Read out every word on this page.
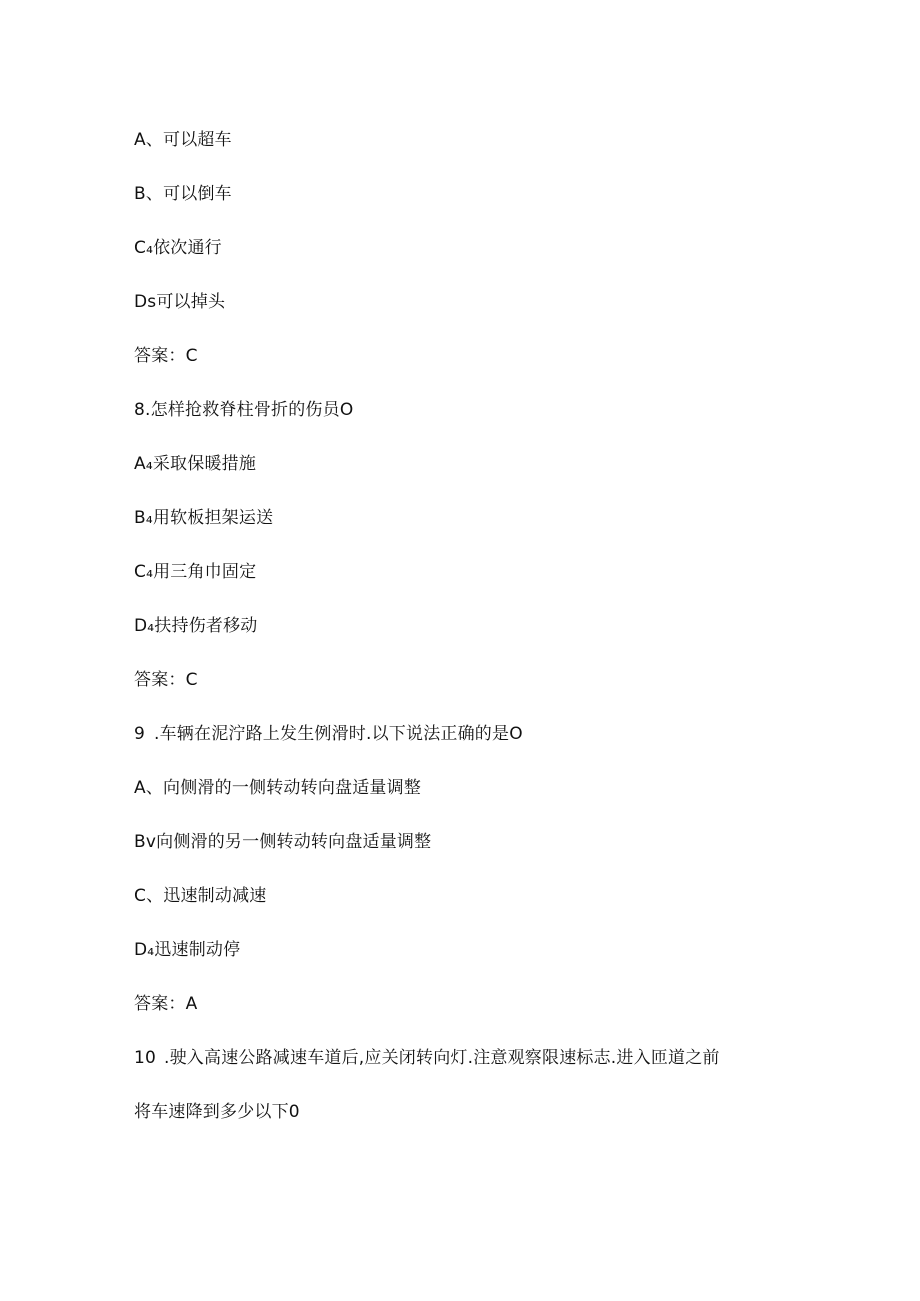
A、可以超车
B、可以倒车
C₄依次通行
Ds可以掉头
答案：C
8.怎样抢救脊柱骨折的伤员O
A₄采取保暖措施
B₄用软板担架运送
C₄用三角巾固定
D₄扶持伤者移动
答案：C
9 .车辆在泥泞路上发生例滑时.以下说法正确的是O
A、向侧滑的一侧转动转向盘适量调整
Bv向侧滑的另一侧转动转向盘适量调整
C、迅速制动减速
D₄迅速制动停
答案：A
10 .驶入高速公路减速车道后,应关闭转向灯.注意观察限速标志.进入匝道之前
将车速降到多少以下0
